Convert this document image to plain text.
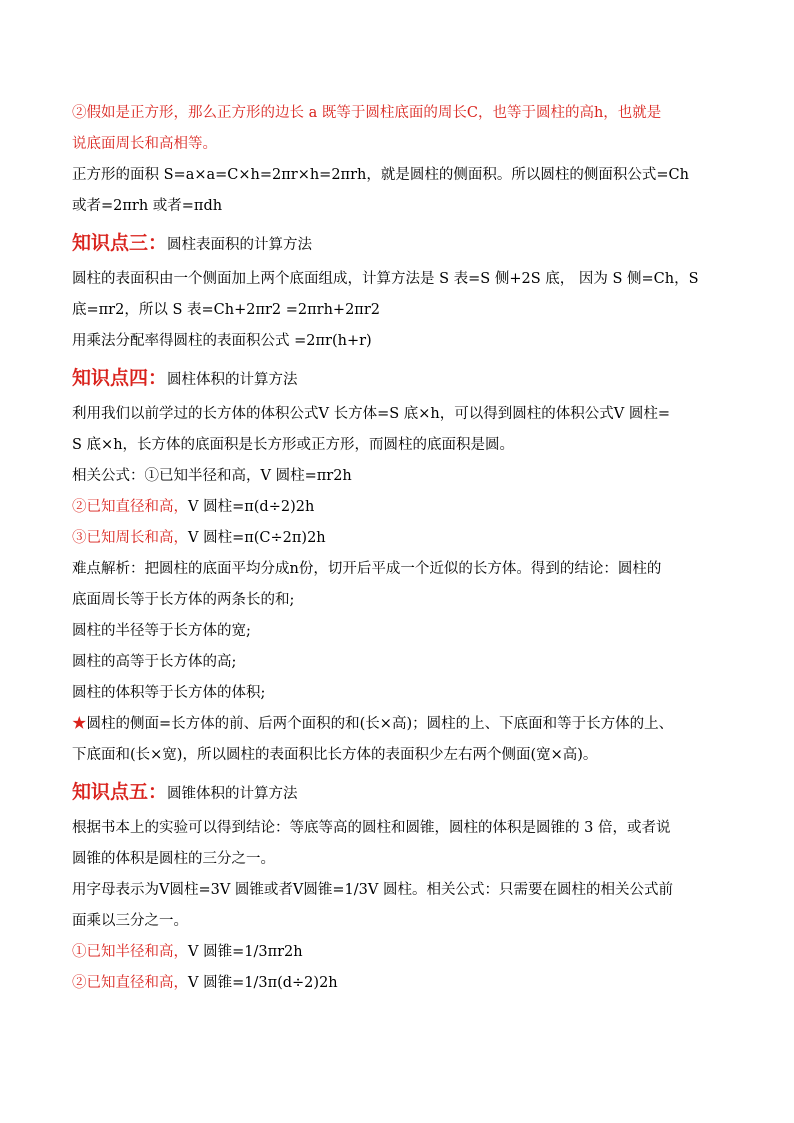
②假如是正方形，那么正方形的边长 a 既等于圆柱底面的周长C，也等于圆柱的高h，也就是
说底面周长和高相等。
正方形的面积 S=a×a=C×h=2πr×h=2πrh，就是圆柱的侧面积。所以圆柱的侧面积公式=Ch
或者=2πrh 或者=πdh
知识点三：圆柱表面积的计算方法
圆柱的表面积由一个侧面加上两个底面组成，计算方法是 S 表=S 侧+2S 底， 因为 S 侧=Ch，S
底=πr2，所以 S 表=Ch+2πr2 =2πrh+2πr2
用乘法分配率得圆柱的表面积公式 =2πr(h+r)
知识点四：圆柱体积的计算方法
利用我们以前学过的长方体的体积公式V 长方体=S 底×h，可以得到圆柱的体积公式V 圆柱=
S 底×h，长方体的底面积是长方形或正方形，而圆柱的底面积是圆。
相关公式：①已知半径和高，V 圆柱=πr2h
②已知直径和高，V 圆柱=π(d÷2)2h
③已知周长和高，V 圆柱=π(C÷2π)2h
难点解析：把圆柱的底面平均分成n份，切开后平成一个近似的长方体。得到的结论：圆柱的
底面周长等于长方体的两条长的和;
圆柱的半径等于长方体的宽;
圆柱的高等于长方体的高;
圆柱的体积等于长方体的体积;
★圆柱的侧面=长方体的前、后两个面积的和(长×高)；圆柱的上、下底面和等于长方体的上、
下底面和(长×宽)，所以圆柱的表面积比长方体的表面积少左右两个侧面(宽×高)。
知识点五：圆锥体积的计算方法
根据书本上的实验可以得到结论：等底等高的圆柱和圆锥，圆柱的体积是圆锥的 3 倍，或者说
圆锥的体积是圆柱的三分之一。
用字母表示为V圆柱=3V 圆锥或者V圆锥=1/3V 圆柱。相关公式：只需要在圆柱的相关公式前
面乘以三分之一。
①已知半径和高，V 圆锥=1/3πr2h
②已知直径和高，V 圆锥=1/3π(d÷2)2h
